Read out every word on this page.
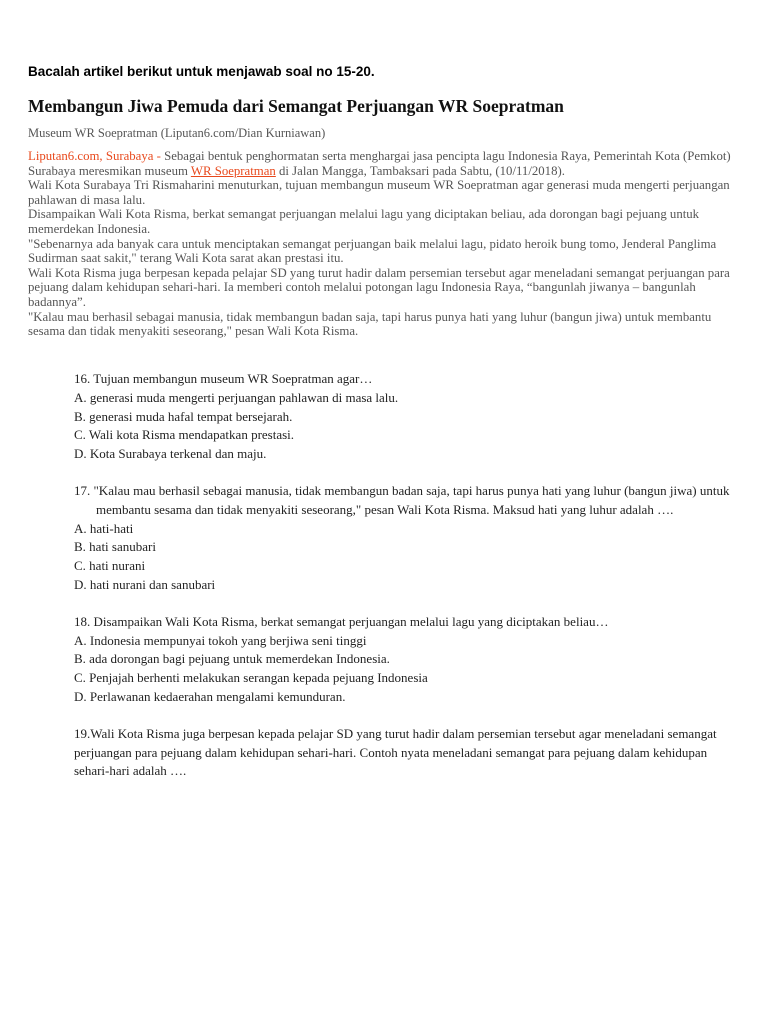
Bacalah artikel berikut untuk menjawab soal no 15-20.

Membangun Jiwa Pemuda dari Semangat Perjuangan WR Soepratman

Museum WR Soepratman (Liputan6.com/Dian Kurniawan)

Liputan6.com, Surabaya - Sebagai bentuk penghormatan serta menghargai jasa pencipta lagu Indonesia Raya, Pemerintah Kota (Pemkot) Surabaya meresmikan museum WR Soepratman di Jalan Mangga, Tambaksari pada Sabtu, (10/11/2018).

Wali Kota Surabaya Tri Rismaharini menuturkan, tujuan membangun museum WR Soepratman agar generasi muda mengerti perjuangan pahlawan di masa lalu.

Disampaikan Wali Kota Risma, berkat semangat perjuangan melalui lagu yang diciptakan beliau, ada dorongan bagi pejuang untuk memerdekan Indonesia.

"Sebenarnya ada banyak cara untuk menciptakan semangat perjuangan baik melalui lagu, pidato heroik bung tomo, Jenderal Panglima Sudirman saat sakit," terang Wali Kota sarat akan prestasi itu.

Wali Kota Risma juga berpesan kepada pelajar SD yang turut hadir dalam persemian tersebut agar meneladani semangat perjuangan para pejuang dalam kehidupan sehari-hari. Ia memberi contoh melalui potongan lagu Indonesia Raya, “bangunlah jiwanya – bangunlah badannya”.

"Kalau mau berhasil sebagai manusia, tidak membangun badan saja, tapi harus punya hati yang luhur (bangun jiwa) untuk membantu sesama dan tidak menyakiti seseorang," pesan Wali Kota Risma.

16. Tujuan membangun museum WR Soepratman agar…

A. generasi muda mengerti perjuangan pahlawan di masa lalu.
B. generasi muda hafal tempat bersejarah.
C. Wali kota Risma mendapatkan prestasi.
D. Kota Surabaya terkenal dan maju.

17. "Kalau mau berhasil sebagai manusia, tidak membangun badan saja, tapi harus punya hati yang luhur (bangun jiwa) untuk membantu sesama dan tidak menyakiti seseorang," pesan Wali Kota Risma. Maksud hati yang luhur adalah ….

A. hati-hati
B. hati sanubari
C. hati nurani
D. hati nurani dan sanubari

18. Disampaikan Wali Kota Risma, berkat semangat perjuangan melalui lagu yang diciptakan beliau…

A. Indonesia mempunyai tokoh yang berjiwa seni tinggi
B. ada dorongan bagi pejuang untuk memerdekan Indonesia.
C. Penjajah berhenti melakukan serangan kepada pejuang Indonesia
D. Perlawanan kedaerahan mengalami kemunduran.

19.Wali Kota Risma juga berpesan kepada pelajar SD yang turut hadir dalam persemian tersebut agar meneladani semangat perjuangan para pejuang dalam kehidupan sehari-hari. Contoh nyata meneladani semangat para pejuang dalam kehidupan sehari-hari adalah ….
